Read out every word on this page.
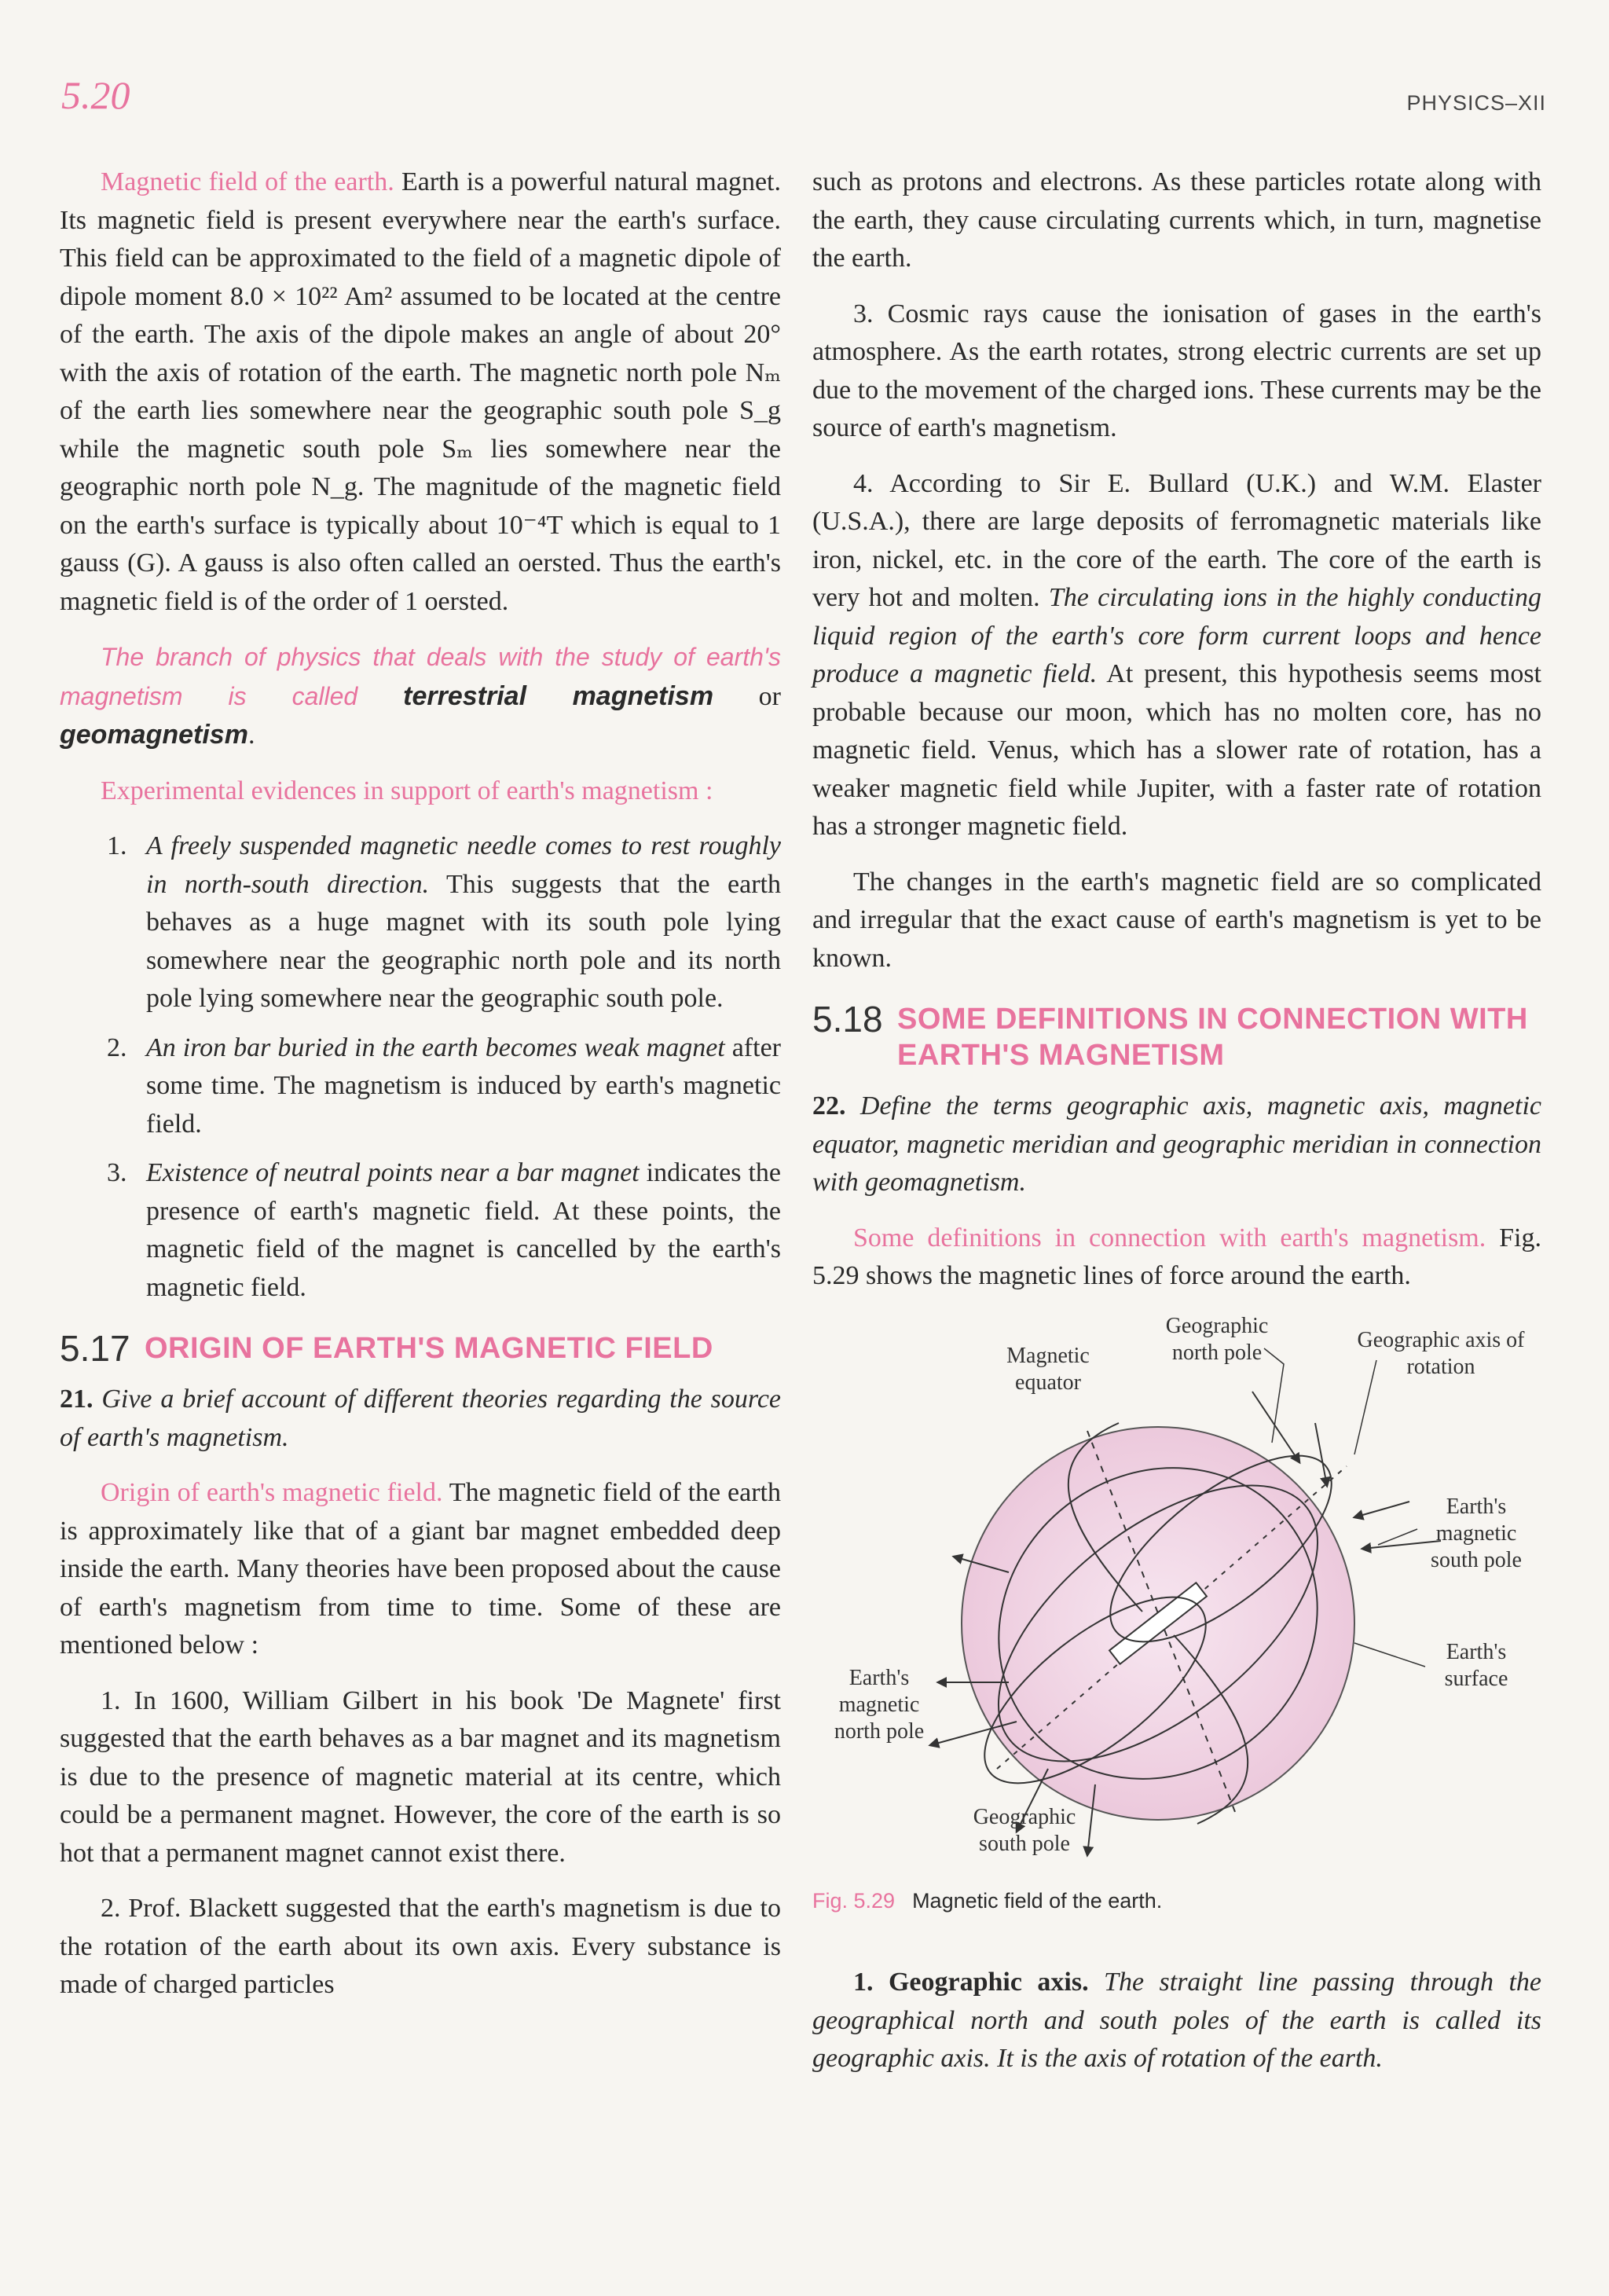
5.20	PHYSICS–XII

Magnetic field of the earth. Earth is a powerful natural magnet. Its magnetic field is present everywhere near the earth's surface. This field can be approximated to the field of a magnetic dipole of dipole moment 8.0 × 10²² Am² assumed to be located at the centre of the earth. The axis of the dipole makes an angle of about 20° with the axis of rotation of the earth. The magnetic north pole Nₘ of the earth lies somewhere near the geographic south pole S_g while the magnetic south pole Sₘ lies somewhere near the geographic north pole N_g. The magnitude of the magnetic field on the earth's surface is typically about 10⁻⁴T which is equal to 1 gauss (G). A gauss is also often called an oersted. Thus the earth's magnetic field is of the order of 1 oersted.

The branch of physics that deals with the study of earth's magnetism is called terrestrial magnetism or geomagnetism.

Experimental evidences in support of earth's magnetism :

1. A freely suspended magnetic needle comes to rest roughly in north-south direction. This suggests that the earth behaves as a huge magnet with its south pole lying somewhere near the geographic north pole and its north pole lying somewhere near the geographic south pole.
2. An iron bar buried in the earth becomes weak magnet after some time. The magnetism is induced by earth's magnetic field.
3. Existence of neutral points near a bar magnet indicates the presence of earth's magnetic field. At these points, the magnetic field of the magnet is cancelled by the earth's magnetic field.
5.17 ORIGIN OF EARTH'S MAGNETIC FIELD

21. Give a brief account of different theories regarding the source of earth's magnetism.

Origin of earth's magnetic field. The magnetic field of the earth is approximately like that of a giant bar magnet embedded deep inside the earth. Many theories have been proposed about the cause of earth's magnetism from time to time. Some of these are mentioned below :

1. In 1600, William Gilbert in his book 'De Magnete' first suggested that the earth behaves as a bar magnet and its magnetism is due to the presence of magnetic material at its centre, which could be a permanent magnet. However, the core of the earth is so hot that a permanent magnet cannot exist there.

2. Prof. Blackett suggested that the earth's magnetism is due to the rotation of the earth about its own axis. Every substance is made of charged particles

such as protons and electrons. As these particles rotate along with the earth, they cause circulating currents which, in turn, magnetise the earth.

3. Cosmic rays cause the ionisation of gases in the earth's atmosphere. As the earth rotates, strong electric currents are set up due to the movement of the charged ions. These currents may be the source of earth's magnetism.

4. According to Sir E. Bullard (U.K.) and W.M. Elaster (U.S.A.), there are large deposits of ferromagnetic materials like iron, nickel, etc. in the core of the earth. The core of the earth is very hot and molten. The circulating ions in the highly conducting liquid region of the earth's core form current loops and hence produce a magnetic field. At present, this hypothesis seems most probable because our moon, which has no molten core, has no magnetic field. Venus, which has a slower rate of rotation, has a weaker magnetic field while Jupiter, with a faster rate of rotation has a stronger magnetic field.

The changes in the earth's magnetic field are so complicated and irregular that the exact cause of earth's magnetism is yet to be known.

5.18 SOME DEFINITIONS IN CONNECTION WITH EARTH'S MAGNETISM

22. Define the terms geographic axis, magnetic axis, magnetic equator, magnetic meridian and geographic meridian in connection with geomagnetism.

Some definitions in connection with earth's magnetism. Fig. 5.29 shows the magnetic lines of force around the earth.

Geographic north pole
Geographic axis of rotation
Magnetic equator
Earth's magnetic south pole
Earth's surface
Earth's magnetic north pole
Geographic south pole
Fig. 5.29 Magnetic field of the earth.

1. Geographic axis. The straight line passing through the geographical north and south poles of the earth is called its geographic axis. It is the axis of rotation of the earth.
